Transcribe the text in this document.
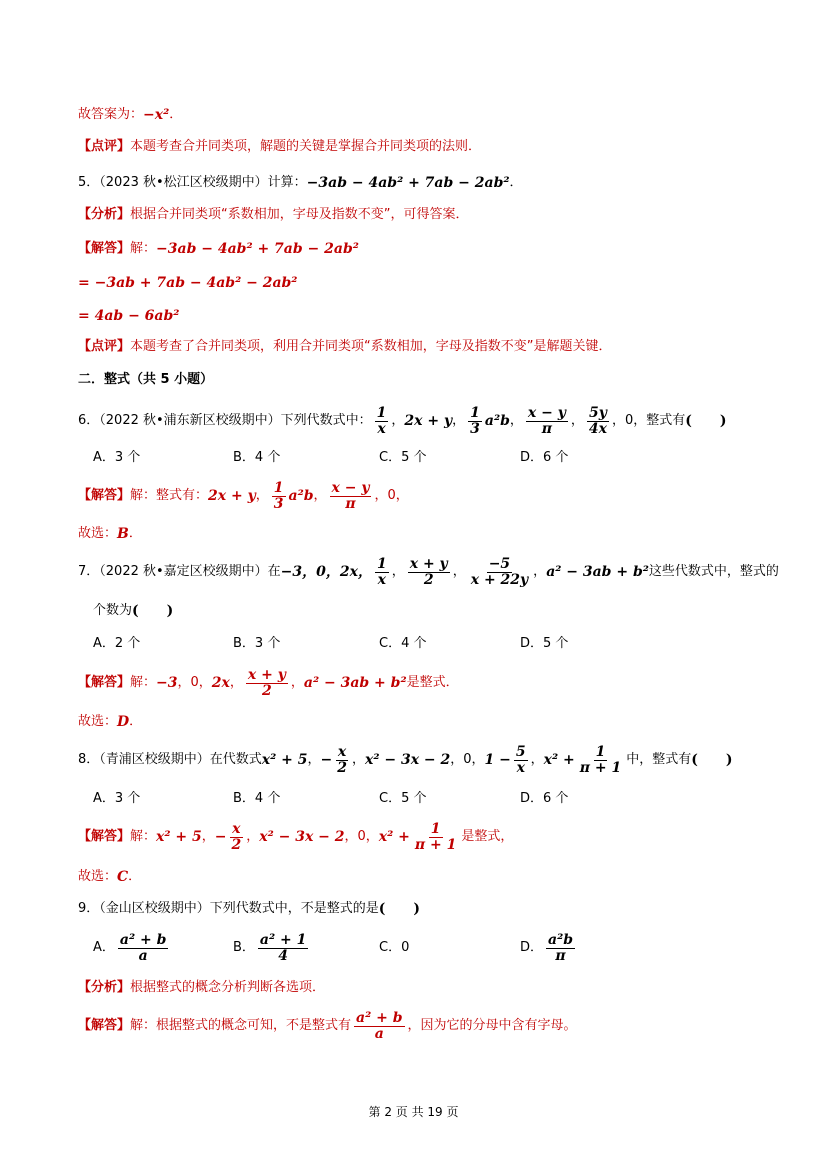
故答案为： −x² ．
【点评】 本题考查合并同类项，解题的关键是掌握合并同类项的法则．
5．（2023 秋•松江区校级期中）计算： −3ab − 4ab² + 7ab − 2ab² ．
【分析】 根据合并同类项“系数相加，字母及指数不变”，可得答案．
【解答】 解： −3ab − 4ab² + 7ab − 2ab²
= −3ab + 7ab − 4ab² − 2ab²
= 4ab − 6ab²
【点评】 本题考查了合并同类项，利用合并同类项“系数相加，字母及指数不变”是解题关键．
二．整式（共 5 小题）
6．（2022 秋•浦东新区校级期中）下列代数式中： $\frac{1}{x}$ ， 2x + y ， $\frac{1}{3} a^2b$ ， $\frac{x - y}{\pi}$ ， $\frac{5y}{4x}$ ，0，整式有 (　　)
A．3 个	B．4 个	C．5 个	D．6 个
【解答】 解：整式有： 2x + y ， $\frac{1}{3} a^2b$ ， $\frac{x - y}{\pi}$ ，0，
故选： B ．
7．（2022 秋•嘉定区校级期中）在 −3，0，2x， $\frac{1}{x}$ ， $\frac{x + y}{2}$ ， $\frac{-5}{x + 22y}$ ， a² − 3ab + b² 这些代数式中，整式的
个数为 (　　)
A．2 个	B．3 个	C．4 个	D．5 个
【解答】 解： −3 ，0， 2x ， $\frac{x + y}{2}$ ， a² − 3ab + b² 是整式．
故选： D ．
8．（青浦区校级期中）在代数式 x² + 5 ， − $\frac{x}{2}$ ， x² − 3x − 2 ，0， $1 - \frac{5}{x}$ ， $x^2 + \frac{1}{\pi + 1}$ 中，整式有 (　　)
A．3 个	B．4 个	C．5 个	D．6 个
【解答】 解： x² + 5 ， − $\frac{x}{2}$ ， x² − 3x − 2 ，0， $x^2 + \frac{1}{\pi + 1}$ 是整式，
故选： C ．
9．（金山区校级期中）下列代数式中，不是整式的是 (　　)
A． $\frac{\text{a² + b}}{a}$	B． $\frac{\text{a² + 1}}{4}$	C．0	D． $\frac{\text{a²b}}{\pi}$
【分析】 根据整式的概念分析判断各选项．
【解答】 解：根据整式的概念可知，不是整式有 $\frac{\text{a² + b}}{a}$ ，因为它的分母中含有字母。
第 2 页 共 19 页
